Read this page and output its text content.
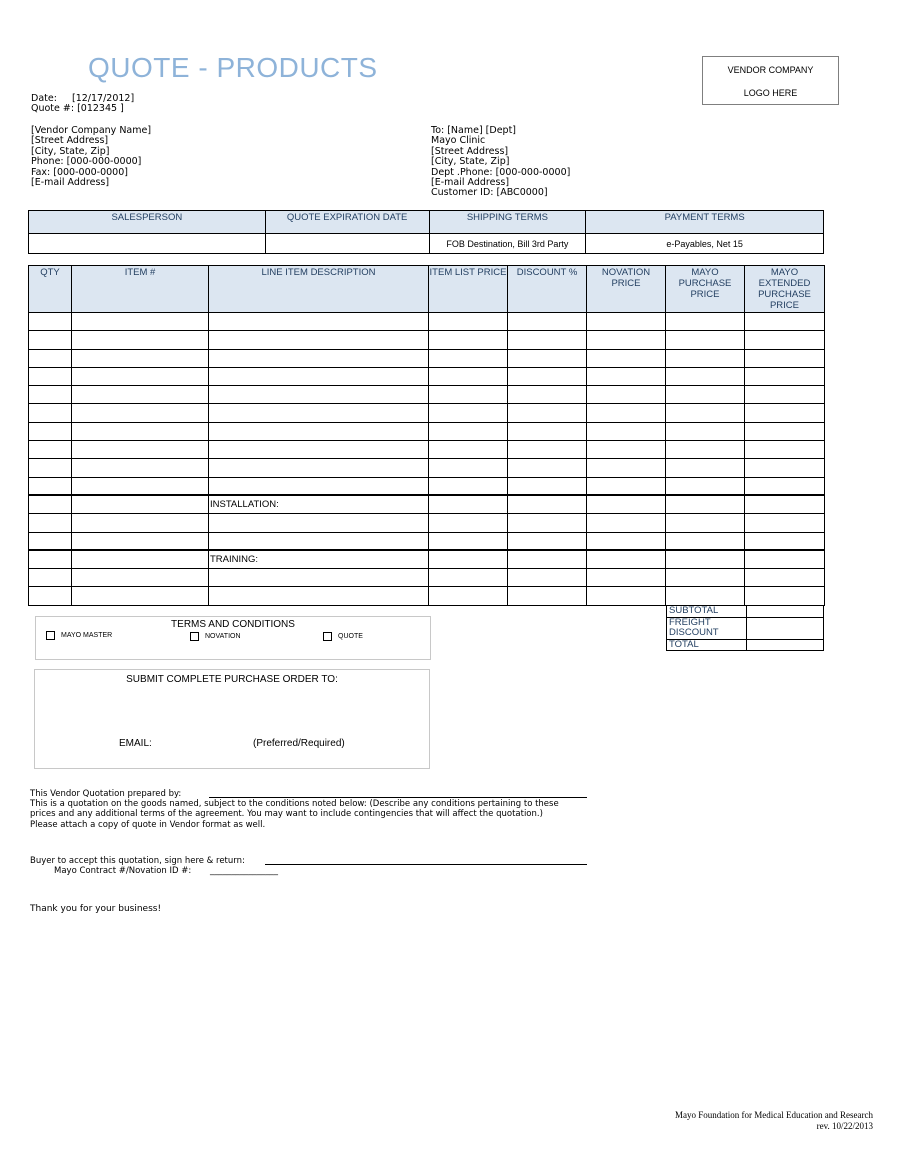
QUOTE - PRODUCTS	VENDOR COMPANY
LOGO HERE
Date:     [12/17/2012]
Quote #: [012345 ]
[Vendor Company Name]
[Street Address]
[City, State, Zip]
Phone: [000-000-0000]
Fax: [000-000-0000]
[E-mail Address]
To: [Name] [Dept]
Mayo Clinic
[Street Address]
[City, State, Zip]
Dept .Phone: [000-000-0000]
[E-mail Address]
Customer ID: [ABC0000]
SALESPERSON	QUOTE EXPIRATION DATE	SHIPPING TERMS	PAYMENT TERMS
		FOB Destination, Bill 3rd Party	e-Payables, Net 15
QTY	ITEM #	LINE ITEM DESCRIPTION	ITEM LIST PRICE	DISCOUNT %	NOVATION PRICE	MAYO PURCHASE PRICE	MAYO EXTENDED PURCHASE PRICE

		INSTALLATION:					

		TRAINING:					

SUBTOTAL	

FREIGHT
DISCOUNT	

TOTAL	
TERMS AND CONDITIONS
MAYO MASTER	NOVATION	QUOTE
SUBMIT COMPLETE PURCHASE ORDER TO:
EMAIL:	(Preferred/Required)
This Vendor Quotation prepared by:
This is a quotation on the goods named, subject to the conditions noted below: (Describe any conditions pertaining to these
prices and any additional terms of the agreement. You may want to include contingencies that will affect the quotation.)
Please attach a copy of quote in Vendor format as well.
Buyer to accept this quotation, sign here & return:
Mayo Contract #/Novation ID #: ________________
Thank you for your business!
Mayo Foundation for Medical Education and Research
rev. 10/22/2013
